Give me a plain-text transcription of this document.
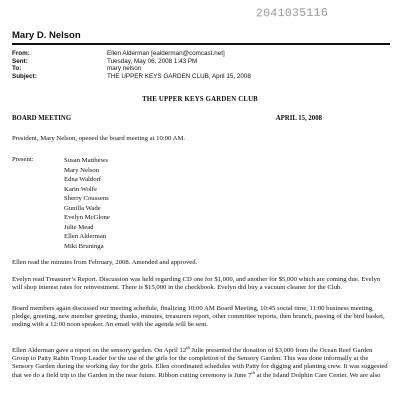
2041035116
Mary D. Nelson
From:	Ellen Alderman [ealderman@comcast.net]
Sent:	Tuesday, May 06, 2008 1:43 PM
To:	mary nelson
Subject:	THE UPPER KEYS GARDEN CLUB, April 15, 2008
THE UPPER KEYS GARDEN CLUB
BOARD MEETING	APRIL 15, 2008
President, Mary Nelson, opened the board meeting at 10:00 AM.
Present:	Susan Matthews
Mary Nelson
Edna Waldorf
Karin Wolfe
Sherry Coussens
Gunilla Wade
Evelyn McGlone
Julie Mead
Ellen Alderman
Miki Bruninga
Ellen read the minutes from February, 2008. Amended and approved.
Evelyn read Treasurer’s Report. Discussion was held regarding CD one for $1,000, and another for $5,000 which are coming due. Evelyn will shop interest rates for reinvestment. There is $15,000 in the checkbook. Evelyn did buy a vacuum cleaner for the Club.
Board members again discussed our meeting schedule, finalizing 10:00 AM Board Meeting, 10:45 social time, 11:00 business meeting, pledge, greeting, new member greeting, thanks, minutes, treasurers report, other committee reports, then brunch, passing of the bird basket, ending with a 12:00 noon speaker. An email with the agenda will be sent.
Ellen Alderman gave a report on the sensory garden. On April 12th Julie presented the donation of $3,000 from the Ocean Reef Garden Group to Patty Rabin Troop Leader for the use of the girls for the completion of the Sensory Garden. This was done informally at the Sensory Garden during the working day for the girls. Ellen coordinated schedules with Patty for digging and planting crew. It was suggested that we do a field trip to the Garden in the near future. Ribbon cutting ceremony is June 7th at the Island Dolphin Care Center. We are also
